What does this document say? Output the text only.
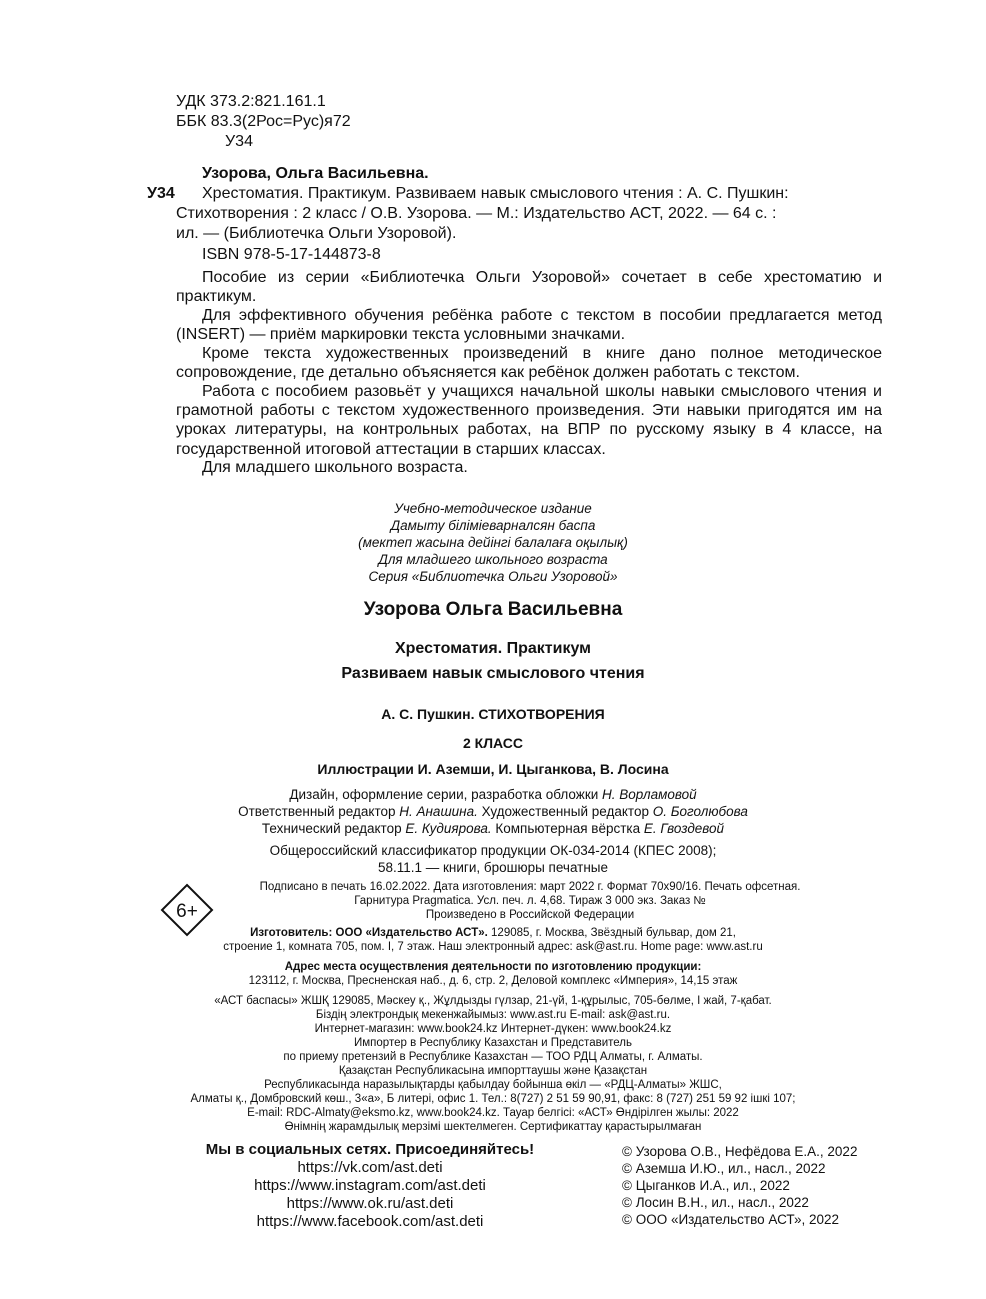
УДК 373.2:821.161.1
ББК 83.3(2Рос=Рус)я72
У34
Узорова, Ольга Васильевна.
У34 Хрестоматия. Практикум. Развиваем навык смыслового чтения : А. С. Пушкин:
Стихотворения : 2 класс / О.В. Узорова. — М.: Издательство АСТ, 2022. — 64 с. :
ил. — (Библиотечка Ольги Узоровой).
ISBN 978-5-17-144873-8
Пособие из серии «Библиотечка Ольги Узоровой» сочетает в себе хрестоматию и практикум.
Для эффективного обучения ребёнка работе с текстом в пособии предлагается метод (INSERT) — приём маркировки текста условными значками.
Кроме текста художественных произведений в книге дано полное методическое сопровождение, где детально объясняется как ребёнок должен работать с текстом.
Работа с пособием разовьёт у учащихся начальной школы навыки смыслового чтения и грамотной работы с текстом художественного произведения. Эти навыки пригодятся им на уроках литературы, на контрольных работах, на ВПР по русскому языку в 4 классе, на государственной итоговой аттестации в старших классах.
Для младшего школьного возраста.
Учебно-методическое издание
Дамыту біліміеварналсян баспа
(мектеп жасына дейінгі балалаға оқылық)
Для младшего школьного возраста
Серия «Библиотечка Ольги Узоровой»
Узорова Ольга Васильевна
Хрестоматия. Практикум
Развиваем навык смыслового чтения
А. С. Пушкин. СТИХОТВОРЕНИЯ
2 КЛАСС
Иллюстрации И. Аземши, И. Цыганкова, В. Лосина
Дизайн, оформление серии, разработка обложки Н. Ворламовой
Ответственный редактор Н. Анашина. Художественный редактор О. Боголюбова
Технический редактор Е. Кудиярова. Компьютерная вёрстка Е. Гвоздевой
Общероссийский классификатор продукции ОК-034-2014 (КПЕС 2008);
58.11.1 — книги, брошюры печатные
6+
Подписано в печать 16.02.2022. Дата изготовления: март 2022 г. Формат 70х90/16. Печать офсетная.
Гарнитура Pragmatica. Усл. печ. л. 4,68. Тираж 3 000 экз. Заказ №
Произведено в Российской Федерации
Изготовитель: ООО «Издательство АСТ». 129085, г. Москва, Звёздный бульвар, дом 21,
строение 1, комната 705, пом. I, 7 этаж. Наш электронный адрес: ask@ast.ru. Home page: www.ast.ru
Адрес места осуществления деятельности по изготовлению продукции:
123112, г. Москва, Пресненская наб., д. 6, стр. 2, Деловой комплекс «Империя», 14,15 этаж
«АСТ баспасы» ЖШҚ 129085, Мәскеу қ., Жұлдызды гүлзар, 21-үй, 1-құрылыс, 705-бөлме, I жай, 7-қабат.
Біздің электрондық мекенжайымыз: www.ast.ru E-mail: ask@ast.ru.
Интернет-магазин: www.book24.kz Интернет-дүкен: www.book24.kz
Импортер в Республику Казахстан и Представитель
по приему претензий в Республике Казахстан — ТОО РДЦ Алматы, г. Алматы.
Қазақстан Республикасына импорттаушы және Қазақстан
Республикасында наразылықтарды қабылдау бойынша өкіл — «РДЦ-Алматы» ЖШС,
Алматы қ., Домбровский көш., 3«а», Б литері, офис 1. Тел.: 8(727) 2 51 59 90,91, факс: 8 (727) 251 59 92 ішкі 107;
E-mail: RDC-Almaty@eksmo.kz, www.book24.kz. Тауар белгісі: «АСТ» Өндірілген жылы: 2022
Өнімнің жарамдылық мерзімі шектелмеген. Сертификаттау қарастырылмаған
Мы в социальных сетях. Присоединяйтесь!
https://vk.com/ast.deti
https://www.instagram.com/ast.deti
https://www.ok.ru/ast.deti
https://www.facebook.com/ast.deti
© Узорова О.В., Нефёдова Е.А., 2022
© Аземша И.Ю., ил., насл., 2022
© Цыганков И.А., ил., 2022
© Лосин В.Н., ил., насл., 2022
© ООО «Издательство АСТ», 2022
